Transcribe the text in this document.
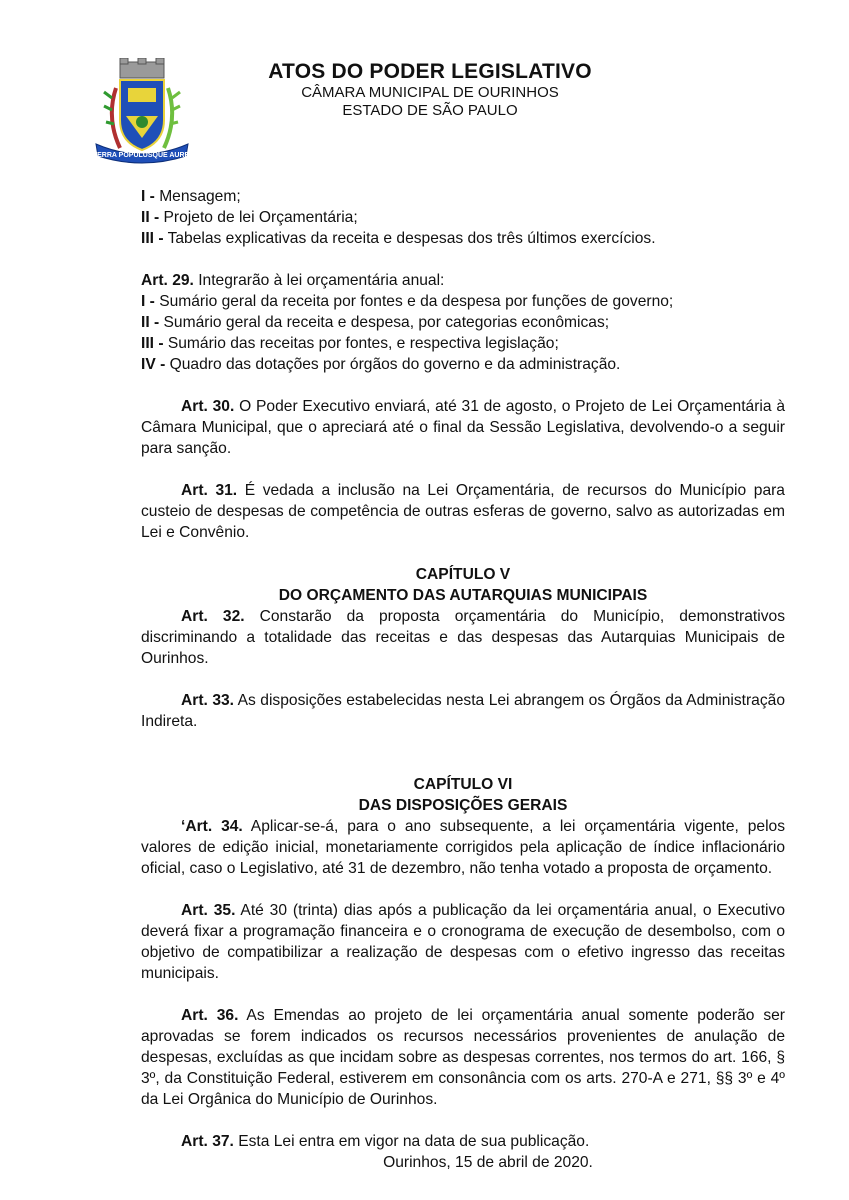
TERRA POPULUSQUE AUREI
ATOS DO PODER LEGISLATIVO
CÂMARA MUNICIPAL DE OURINHOS
ESTADO DE SÃO PAULO

I - Mensagem;

II - Projeto de lei Orçamentária;

III - Tabelas explicativas da receita e despesas dos três últimos exercícios.

Art. 29. Integrarão à lei orçamentária anual:

I - Sumário geral da receita por fontes e da despesa por funções de governo;

II - Sumário geral da receita e despesa, por categorias econômicas;

III - Sumário das receitas por fontes, e respectiva legislação;

IV - Quadro das dotações por órgãos do governo e da administração.

Art. 30. O Poder Executivo enviará, até 31 de agosto, o Projeto de Lei Orçamentária à Câmara Municipal, que o apreciará até o final da Sessão Legislativa, devolvendo-o a seguir para sanção.

Art. 31. É vedada a inclusão na Lei Orçamentária, de recursos do Município para custeio de despesas de competência de outras esferas de governo, salvo as autorizadas em Lei e Convênio.

CAPÍTULO V

DO ORÇAMENTO DAS AUTARQUIAS MUNICIPAIS

Art. 32. Constarão da proposta orçamentária do Município, demonstrativos discriminando a totalidade das receitas e das despesas das Autarquias Municipais de Ourinhos.

Art. 33. As disposições estabelecidas nesta Lei abrangem os Órgãos da Administração Indireta.

CAPÍTULO VI

DAS DISPOSIÇÕES GERAIS

‘Art. 34. Aplicar-se-á, para o ano subsequente, a lei orçamentária vigente, pelos valores de edição inicial, monetariamente corrigidos pela aplicação de índice inflacionário oficial, caso o Legislativo, até 31 de dezembro, não tenha votado a proposta de orçamento.

Art. 35. Até 30 (trinta) dias após a publicação da lei orçamentária anual, o Executivo deverá fixar a programação financeira e o cronograma de execução de desembolso, com o objetivo de compatibilizar a realização de despesas com o efetivo ingresso das receitas municipais.

Art. 36. As Emendas ao projeto de lei orçamentária anual somente poderão ser aprovadas se forem indicados os recursos necessários provenientes de anulação de despesas, excluídas as que incidam sobre as despesas correntes, nos termos do art. 166, § 3º, da Constituição Federal, estiverem em consonância com os arts. 270-A e 271, §§ 3º e 4º da Lei Orgânica do Município de Ourinhos.

Art. 37. Esta Lei entra em vigor na data de sua publicação.

Ourinhos, 15 de abril de 2020.
